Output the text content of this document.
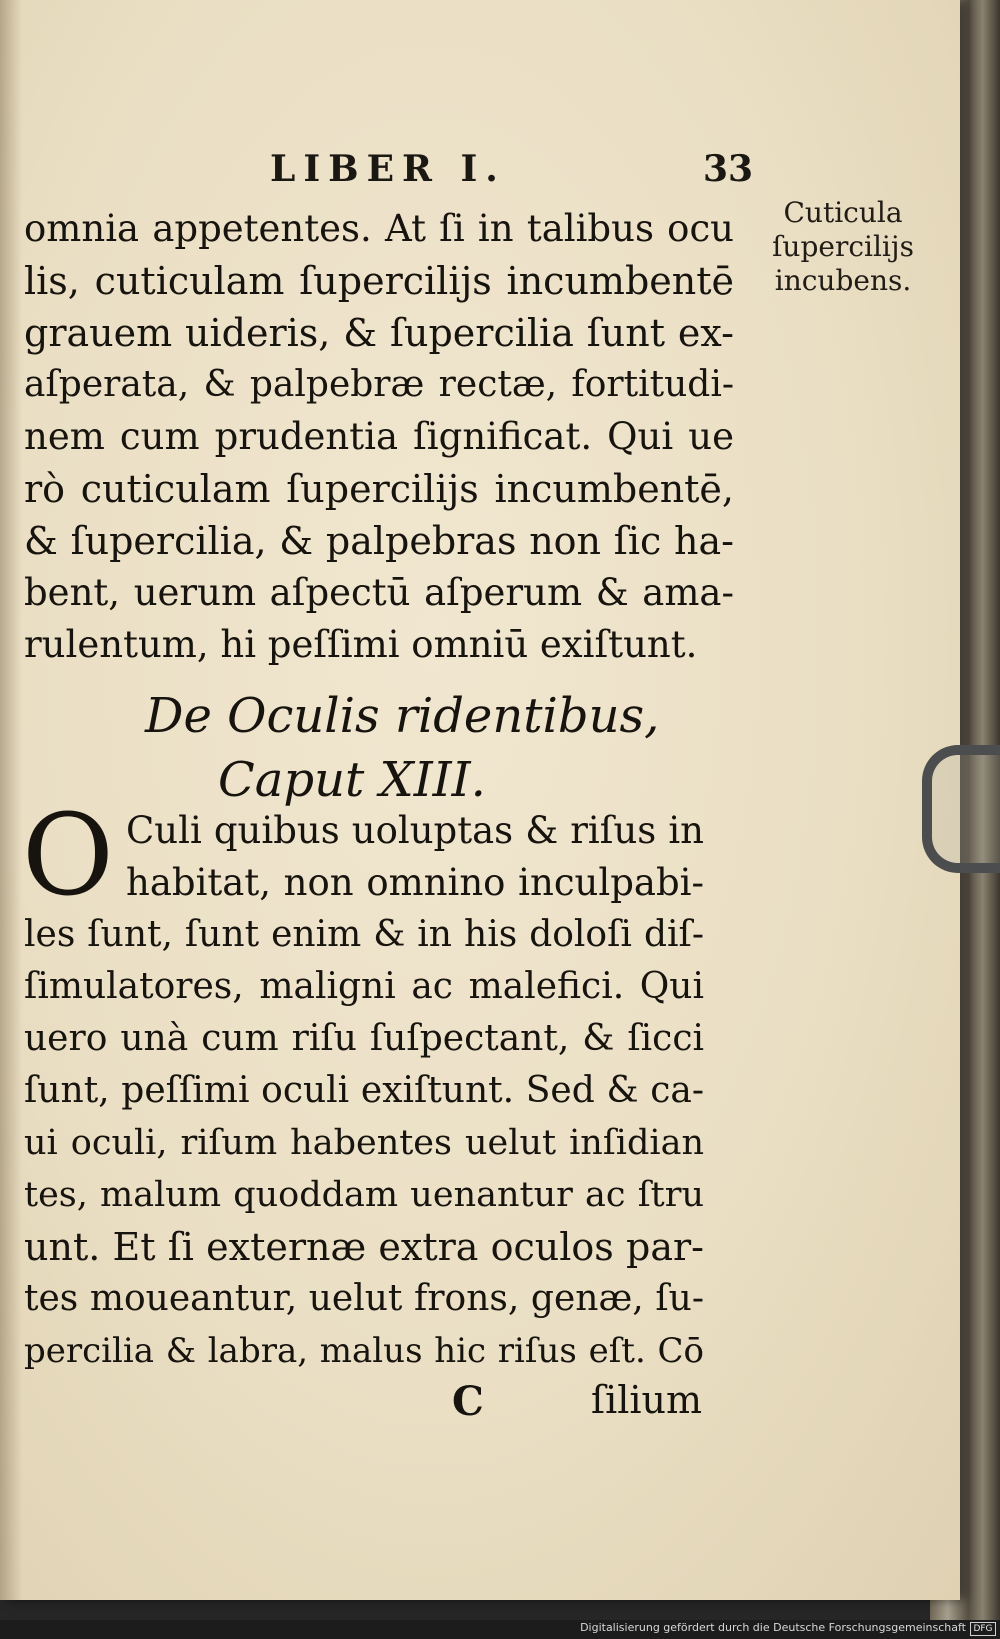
LIBER I.	33
Cuticula
ſupercilijs
incubens.
omnia appetentes. At ſi in talibus ocu
lis, cuticulam ſupercilijs incumbentē
grauem uideris, & ſupercilia ſunt ex-
aſperata, & palpebræ rectæ, fortitudi-
nem cum prudentia ſignificat. Qui ue
rò cuticulam ſupercilijs incumbentē,
& ſupercilia, & palpebras non ſic ha-
bent, uerum aſpectū aſperum & ama-
rulentum, hi peſſimi omniū exiſtunt.
De Oculis ridentibus,
Caput XIII.
O Culi quibus uoluptas & riſus in
habitat, non omnino inculpabi-
les ſunt, ſunt enim & in his doloſi diſ-
ſimulatores, maligni ac malefici. Qui
uero unà cum riſu ſuſpectant, & ſicci
ſunt, peſſimi oculi exiſtunt. Sed & ca-
ui oculi, riſum habentes uelut inſidian
tes, malum quoddam uenantur ac ſtru
unt. Et ſi externæ extra oculos par-
tes moueantur, uelut frons, genæ, ſu-
percilia & labra, malus hic riſus eſt. Cō
C	ſilium
Digitalisierung gefördert durch die Deutsche Forschungsgemeinschaft DFG
